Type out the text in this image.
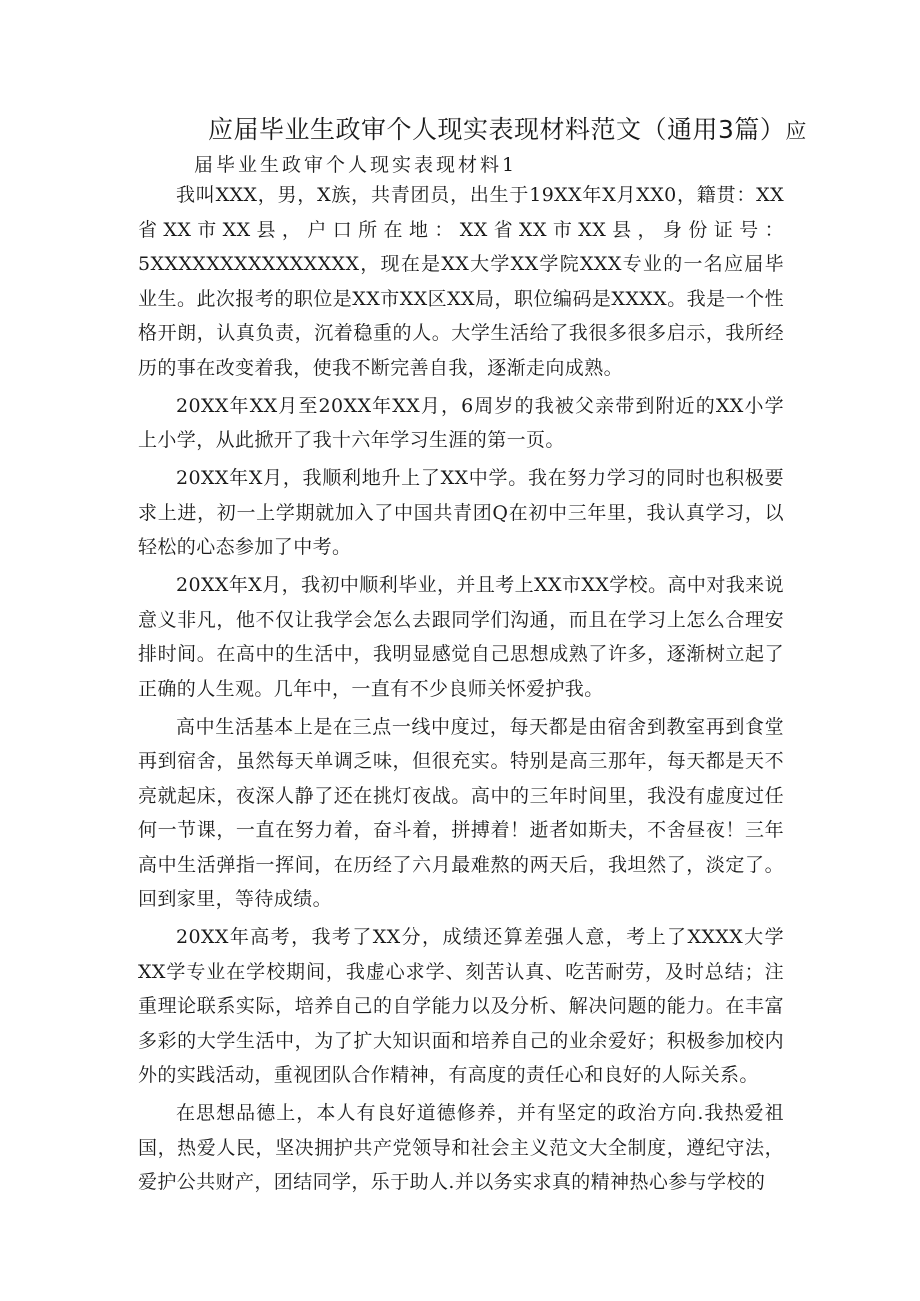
应届毕业生政审个人现实表现材料范文（通用3篇）应
届毕业生政审个人现实表现材料1

我叫XXX，男，X族，共青团员，出生于19XX年X月XX0，籍贯：XX省XX市XX县，户口所在地：XX省XX市XX县，身份证号：5XXXXXXXXXXXXXXX，现在是XX大学XX学院XXX专业的一名应届毕业生。此次报考的职位是XX市XX区XX局，职位编码是XXXX。我是一个性格开朗，认真负责，沉着稳重的人。大学生活给了我很多很多启示，我所经历的事在改变着我，使我不断完善自我，逐渐走向成熟。

20XX年XX月至20XX年XX月，6周岁的我被父亲带到附近的XX小学上小学，从此掀开了我十六年学习生涯的第一页。

20XX年X月，我顺利地升上了XX中学。我在努力学习的同时也积极要求上进，初一上学期就加入了中国共青团Q在初中三年里，我认真学习，以轻松的心态参加了中考。

20XX年X月，我初中顺利毕业，并且考上XX市XX学校。高中对我来说意义非凡，他不仅让我学会怎么去跟同学们沟通，而且在学习上怎么合理安排时间。在高中的生活中，我明显感觉自己思想成熟了许多，逐渐树立起了正确的人生观。几年中，一直有不少良师关怀爱护我。

高中生活基本上是在三点一线中度过，每天都是由宿舍到教室再到食堂再到宿舍，虽然每天单调乏味，但很充实。特别是高三那年，每天都是天不亮就起床，夜深人静了还在挑灯夜战。高中的三年时间里，我没有虚度过任何一节课，一直在努力着，奋斗着，拼搏着！逝者如斯夫，不舍昼夜！三年高中生活弹指一挥间，在历经了六月最难熬的两天后，我坦然了，淡定了。回到家里，等待成绩。

20XX年高考，我考了XX分，成绩还算差强人意，考上了XXXX大学XX学专业在学校期间，我虚心求学、刻苦认真、吃苦耐劳，及时总结；注重理论联系实际，培养自己的自学能力以及分析、解决问题的能力。在丰富多彩的大学生活中，为了扩大知识面和培养自己的业余爱好；积极参加校内外的实践活动，重视团队合作精神，有高度的责任心和良好的人际关系。

在思想品德上，本人有良好道德修养，并有坚定的政治方向.我热爱祖国，热爱人民，坚决拥护共产党领导和社会主义范文大全制度，遵纪守法，爱护公共财产，团结同学，乐于助人.并以务实求真的精神热心参与学校的
